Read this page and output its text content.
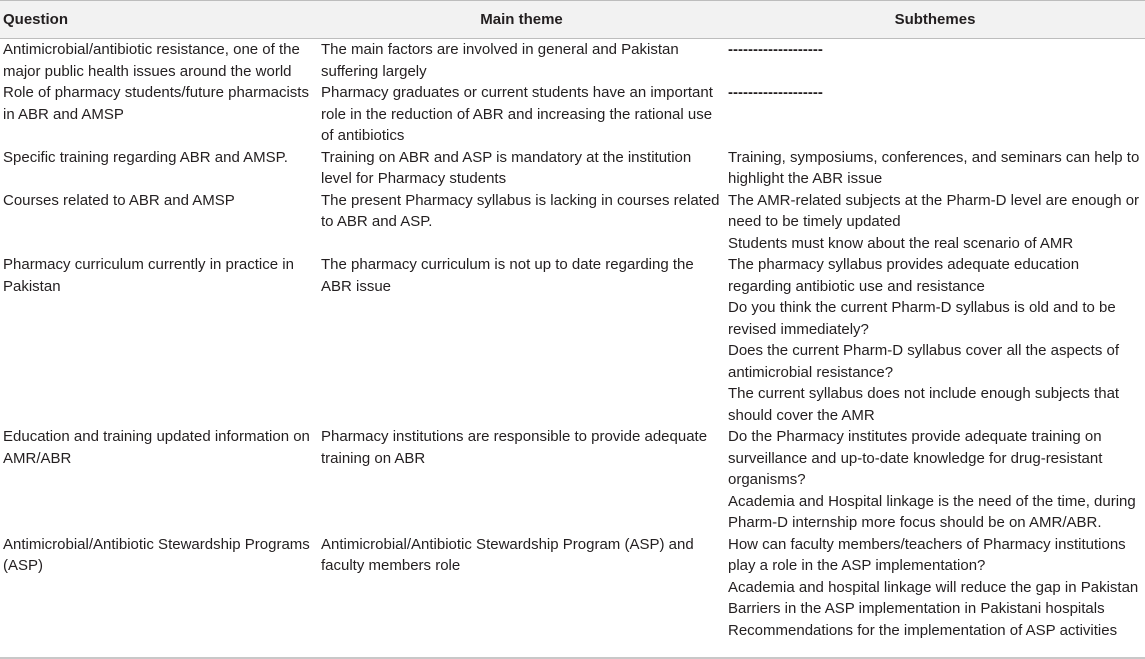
Question	Main theme	Subthemes
Antimicrobial/antibiotic resistance, one of the major public health issues around the world	The main factors are involved in general and Pakistan suffering largely	-------------------

Role of pharmacy students/future pharmacists in ABR and AMSP	Pharmacy graduates or current students have an important role in the reduction of ABR and increasing the rational use of antibiotics	-------------------

Specific training regarding ABR and AMSP.	Training on ABR and ASP is mandatory at the institution level for Pharmacy students	Training, symposiums, conferences, and seminars can help to highlight the ABR issue

Courses related to ABR and AMSP	The present Pharmacy syllabus is lacking in courses related to ABR and ASP.	The AMR-related subjects at the Pharm-D level are enough or need to be timely updated
Students must know about the real scenario of AMR

Pharmacy curriculum currently in practice in Pakistan	The pharmacy curriculum is not up to date regarding the ABR issue	The pharmacy syllabus provides adequate education regarding antibiotic use and resistance
Do you think the current Pharm-D syllabus is old and to be revised immediately?
Does the current Pharm-D syllabus cover all the aspects of antimicrobial resistance?
The current syllabus does not include enough subjects that should cover the AMR

Education and training updated information on AMR/ABR	Pharmacy institutions are responsible to provide adequate training on ABR	Do the Pharmacy institutes provide adequate training on surveillance and up-to-date knowledge for drug-resistant organisms?
Academia and Hospital linkage is the need of the time, during Pharm-D internship more focus should be on AMR/ABR.

Antimicrobial/Antibiotic Stewardship Programs (ASP)	Antimicrobial/Antibiotic Stewardship Program (ASP) and faculty members role	How can faculty members/teachers of Pharmacy institutions play a role in the ASP implementation?
Academia and hospital linkage will reduce the gap in Pakistan
Barriers in the ASP implementation in Pakistani hospitals
Recommendations for the implementation of ASP activities
